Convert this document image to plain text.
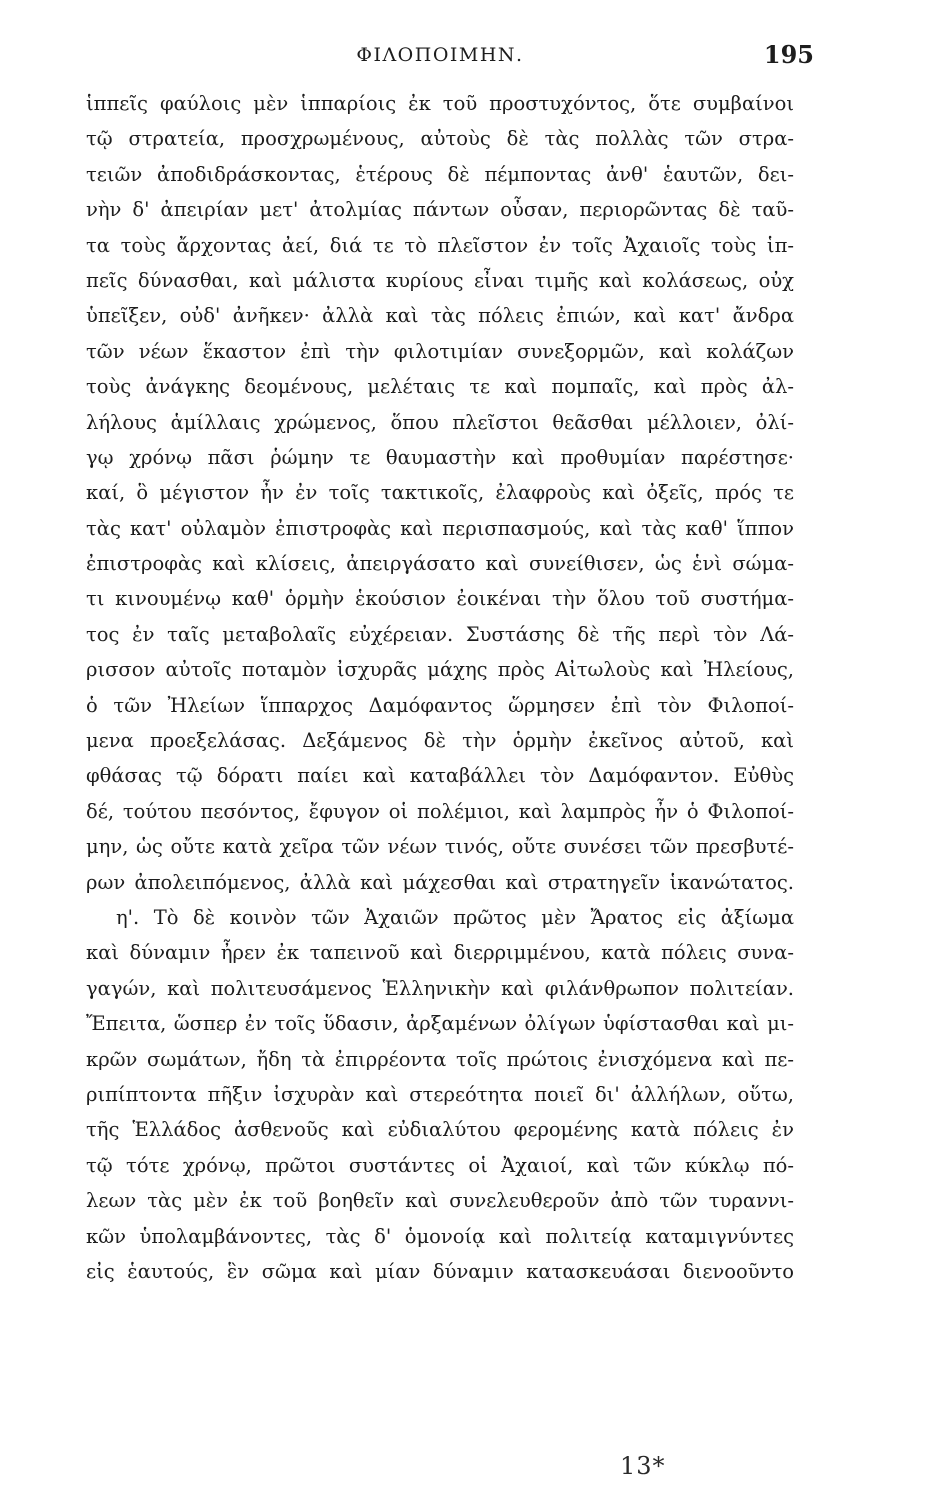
ΦΙΛΟΠΟΙΜΗΝ.	195
ἱππεῖς φαύλοις μὲν ἱππαρίοις ἐκ τοῦ προστυχόντος, ὅτε συμβαίνοι
τῷ στρατεία, προσχρωμένους, αὐτοὺς δὲ τὰς πολλὰς τῶν στρα-
τειῶν ἀποδιδράσκοντας, ἑτέρους δὲ πέμποντας ἀνθ' ἑαυτῶν, δει-
νὴν δ' ἀπειρίαν μετ' ἀτολμίας πάντων οὖσαν, περιορῶντας δὲ ταῦ-
τα τοὺς ἄρχοντας ἀεί, διά τε τὸ πλεῖστον ἐν τοῖς Ἀχαιοῖς τοὺς ἱπ-
πεῖς δύνασθαι, καὶ μάλιστα κυρίους εἶναι τιμῆς καὶ κολάσεως, οὐχ
ὑπεῖξεν, οὐδ' ἀνῆκεν· ἀλλὰ καὶ τὰς πόλεις ἐπιών, καὶ κατ' ἄνδρα
τῶν νέων ἕκαστον ἐπὶ τὴν φιλοτιμίαν συνεξορμῶν, καὶ κολάζων
τοὺς ἀνάγκης δεομένους, μελέταις τε καὶ πομπαῖς, καὶ πρὸς ἀλ-
λήλους ἁμίλλαις χρώμενος, ὅπου πλεῖστοι θεᾶσθαι μέλλοιεν, ὀλί-
γῳ χρόνῳ πᾶσι ῥώμην τε θαυμαστὴν καὶ προθυμίαν παρέστησε·
καί, ὃ μέγιστον ἦν ἐν τοῖς τακτικοῖς, ἐλαφροὺς καὶ ὀξεῖς, πρός τε
τὰς κατ' οὐλαμὸν ἐπιστροφὰς καὶ περισπασμούς, καὶ τὰς καθ' ἵππον
ἐπιστροφὰς καὶ κλίσεις, ἀπειργάσατο καὶ συνείθισεν, ὡς ἑνὶ σώμα-
τι κινουμένῳ καθ' ὁρμὴν ἑκούσιον ἐοικέναι τὴν ὅλου τοῦ συστήμα-
τος ἐν ταῖς μεταβολαῖς εὐχέρειαν. Συστάσης δὲ τῆς περὶ τὸν Λά-
ρισσον αὐτοῖς ποταμὸν ἰσχυρᾶς μάχης πρὸς Αἰτωλοὺς καὶ Ἠλείους,
ὁ τῶν Ἠλείων ἵππαρχος Δαμόφαντος ὥρμησεν ἐπὶ τὸν Φιλοποί-
μενα προεξελάσας. Δεξάμενος δὲ τὴν ὁρμὴν ἐκεῖνος αὐτοῦ, καὶ
φθάσας τῷ δόρατι παίει καὶ καταβάλλει τὸν Δαμόφαντον. Εὐθὺς
δέ, τούτου πεσόντος, ἔφυγον οἱ πολέμιοι, καὶ λαμπρὸς ἦν ὁ Φιλοποί-
μην, ὡς οὔτε κατὰ χεῖρα τῶν νέων τινός, οὔτε συνέσει τῶν πρεσβυτέ-
ρων ἀπολειπόμενος, ἀλλὰ καὶ μάχεσθαι καὶ στρατηγεῖν ἱκανώτατος.
η'. Τὸ δὲ κοινὸν τῶν Ἀχαιῶν πρῶτος μὲν Ἄρατος εἰς ἀξίωμα
καὶ δύναμιν ἦρεν ἐκ ταπεινοῦ καὶ διερριμμένου, κατὰ πόλεις συνα-
γαγών, καὶ πολιτευσάμενος Ἑλληνικὴν καὶ φιλάνθρωπον πολιτείαν.
Ἔπειτα, ὥσπερ ἐν τοῖς ὕδασιν, ἀρξαμένων ὀλίγων ὑφίστασθαι καὶ μι-
κρῶν σωμάτων, ἤδη τὰ ἐπιρρέοντα τοῖς πρώτοις ἐνισχόμενα καὶ πε-
ριπίπτοντα πῆξιν ἰσχυρὰν καὶ στερεότητα ποιεῖ δι' ἀλλήλων, οὕτω,
τῆς Ἑλλάδος ἀσθενοῦς καὶ εὐδιαλύτου φερομένης κατὰ πόλεις ἐν
τῷ τότε χρόνῳ, πρῶτοι συστάντες οἱ Ἀχαιοί, καὶ τῶν κύκλῳ πό-
λεων τὰς μὲν ἐκ τοῦ βοηθεῖν καὶ συνελευθεροῦν ἀπὸ τῶν τυραννι-
κῶν ὑπολαμβάνοντες, τὰς δ' ὁμονοίᾳ καὶ πολιτείᾳ καταμιγνύντες
εἰς ἑαυτούς, ἓν σῶμα καὶ μίαν δύναμιν κατασκευάσαι διενοοῦντο
13*
